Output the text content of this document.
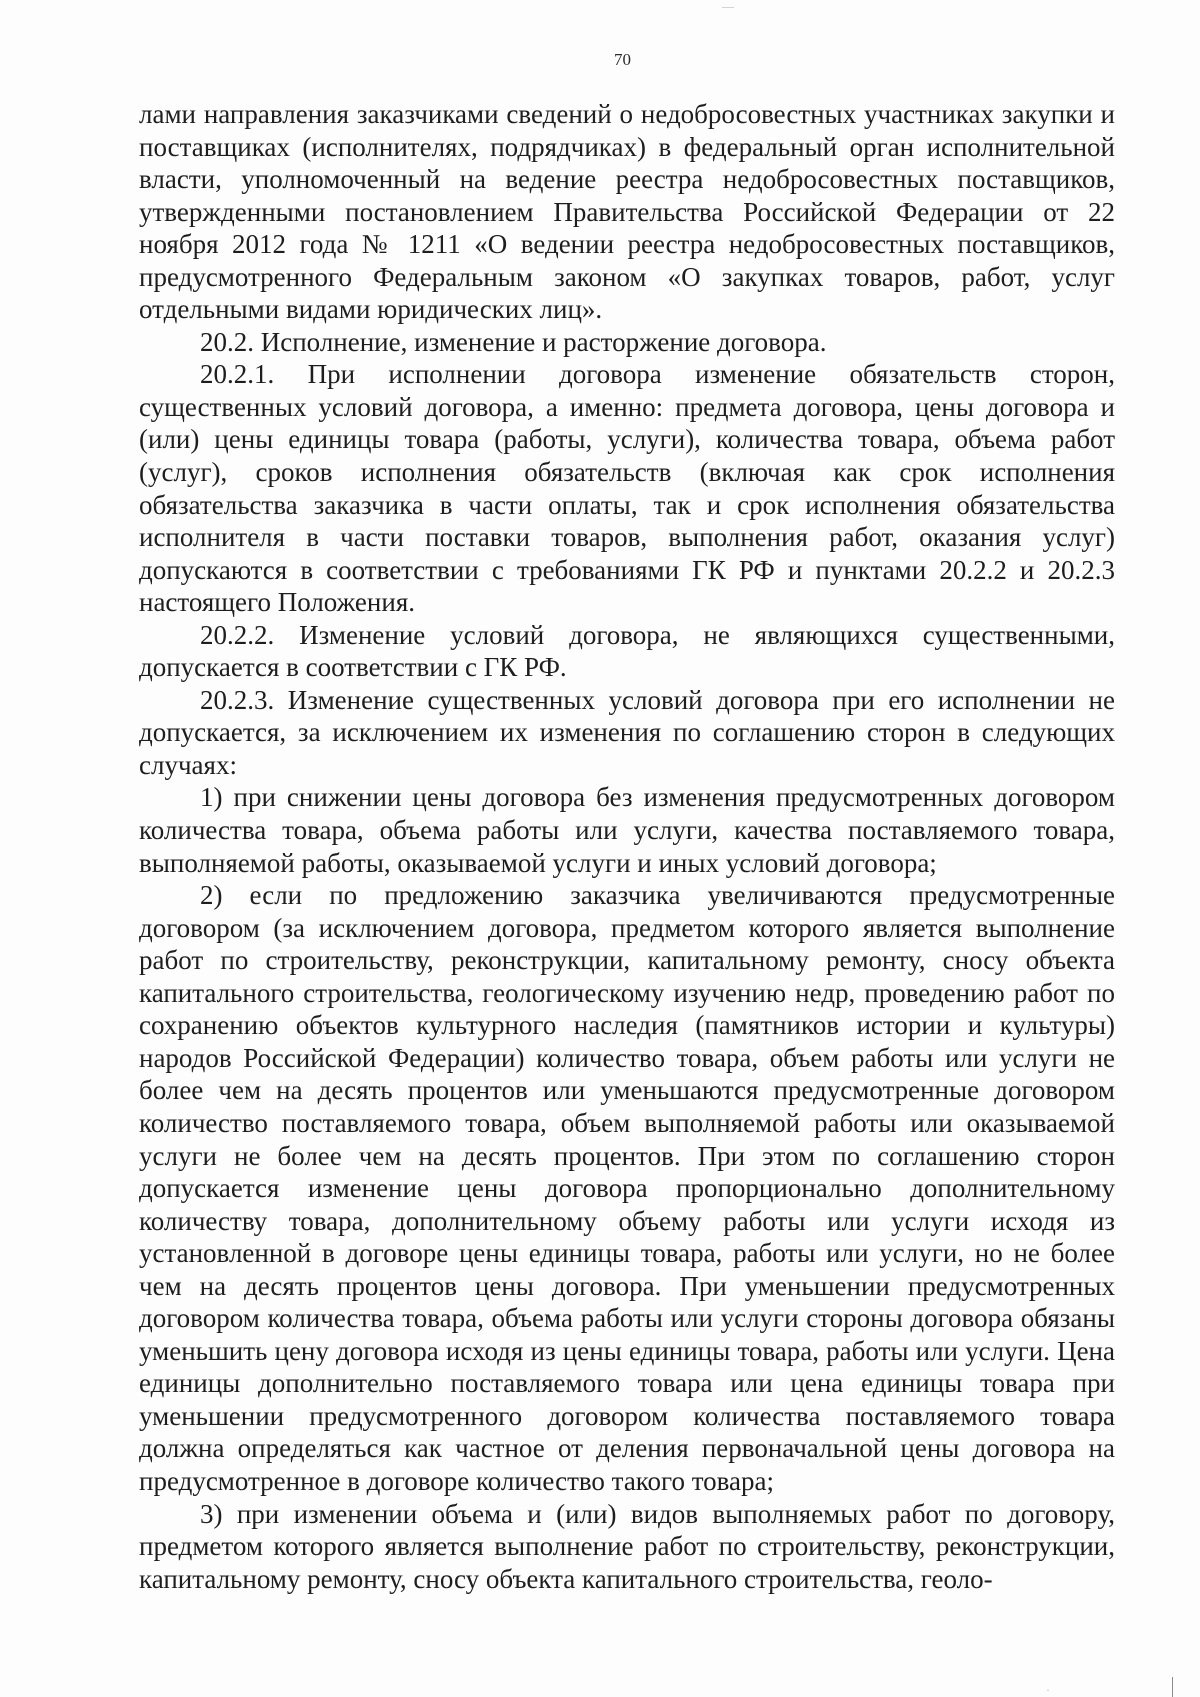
—
70

лами направления заказчиками сведений о недобросовестных участниках закупки и поставщиках (исполнителях, подрядчиках) в федеральный орган исполнительной власти, уполномоченный на ведение реестра недобросовестных поставщиков, утвержденными постановлением Правительства Российской Федерации от 22 ноября 2012 года № 1211 «О ведении реестра недобросовестных поставщиков, предусмотренного Федеральным законом «О закупках товаров, работ, услуг отдельными видами юридических лиц».

20.2. Исполнение, изменение и расторжение договора.

20.2.1. При исполнении договора изменение обязательств сторон, существенных условий договора, а именно: предмета договора, цены договора и (или) цены единицы товара (работы, услуги), количества товара, объема работ (услуг), сроков исполнения обязательств (включая как срок исполнения обязательства заказчика в части оплаты, так и срок исполнения обязательства исполнителя в части поставки товаров, выполнения работ, оказания услуг) допускаются в соответствии с требованиями ГК РФ и пунктами 20.2.2 и 20.2.3 настоящего Положения.

20.2.2. Изменение условий договора, не являющихся существенными, допускается в соответствии с ГК РФ.

20.2.3. Изменение существенных условий договора при его исполнении не допускается, за исключением их изменения по соглашению сторон в следующих случаях:

1) при снижении цены договора без изменения предусмотренных договором количества товара, объема работы или услуги, качества поставляемого товара, выполняемой работы, оказываемой услуги и иных условий договора;

2) если по предложению заказчика увеличиваются предусмотренные договором (за исключением договора, предметом которого является выполнение работ по строительству, реконструкции, капитальному ремонту, сносу объекта капитального строительства, геологическому изучению недр, проведению работ по сохранению объектов культурного наследия (памятников истории и культуры) народов Российской Федерации) количество товара, объем работы или услуги не более чем на десять процентов или уменьшаются предусмотренные договором количество поставляемого товара, объем выполняемой работы или оказываемой услуги не более чем на десять процентов. При этом по соглашению сторон допускается изменение цены договора пропорционально дополнительному количеству товара, дополнительному объему работы или услуги исходя из установленной в договоре цены единицы товара, работы или услуги, но не более чем на десять процентов цены договора. При уменьшении предусмотренных договором количества товара, объема работы или услуги стороны договора обязаны уменьшить цену договора исходя из цены единицы товара, работы или услуги. Цена единицы дополнительно поставляемого товара или цена единицы товара при уменьшении предусмотренного договором количества поставляемого товара должна определяться как частное от деления первоначальной цены договора на предусмотренное в договоре количество такого товара;

3) при изменении объема и (или) видов выполняемых работ по договору, предметом которого является выполнение работ по строительству, реконструкции, капитальному ремонту, сносу объекта капитального строительства, геоло-

·
